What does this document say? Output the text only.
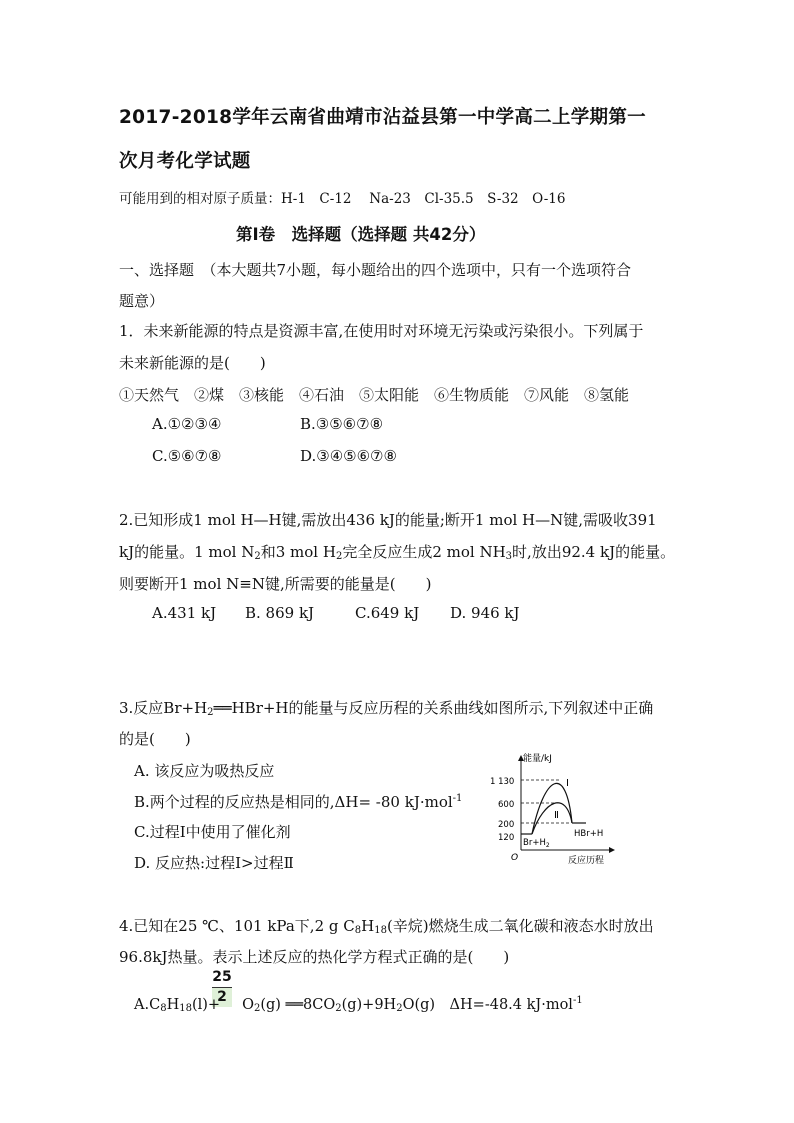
2017-2018学年云南省曲靖市沾益县第一中学高二上学期第一
次月考化学试题
可能用到的相对原子质量：H-1　C-12　 Na-23　Cl-35.5　S-32　O-16
第Ⅰ卷　选择题（选择题 共42分）
一、选择题　（本大题共7小题，每小题给出的四个选项中，只有一个选项符合
题意）
1．未来新能源的特点是资源丰富,在使用时对环境无污染或污染很小。下列属于
未来新能源的是(　　)
①天然气　②煤　③核能　④石油　⑤太阳能　⑥生物质能　⑦风能　⑧氢能
A.①②③④	B.③⑤⑥⑦⑧
C.⑤⑥⑦⑧	D.③④⑤⑥⑦⑧
2.已知形成1 mol H—H键,需放出436 kJ的能量;断开1 mol H—N键,需吸收391
kJ的能量。1 mol $N_2$和3 mol $H_2$完全反应生成2 mol $NH_3$时,放出92.4 kJ的能量。
则要断开1 mol N≡N键,所需要的能量是(　　)
A.431 kJ B. 869 kJ	C.649 kJ D. 946 kJ
3.反应$Br+H_2══HBr+H$的能量与反应历程的关系曲线如图所示,下列叙述中正确
的是(　　)
A. 该反应为吸热反应
B.两个过程的反应热是相同的,ΔH= -80 kJ·mol$^{-1}$
C.过程Ⅰ中使用了催化剂
D. 反应热:过程Ⅰ>过程Ⅱ
能量/kJ
反应历程
O
1 130
600
200
120
Ⅰ
Ⅱ
$Br+H_2$
HBr+H
4.已知在25 ℃、101 kPa下,2 g $C_8H_{18}$(辛烷)燃烧生成二氧化碳和液态水时放出
96.8kJ热量。表示上述反应的热化学方程式正确的是(　　)
$\frac{25}{2}$
$A.C_8H_{18}(l)+ O_2(g)$ $══8CO_2(g)+9H_2O(g)$　ΔH=-48.4 kJ·mol$^{-1}$
